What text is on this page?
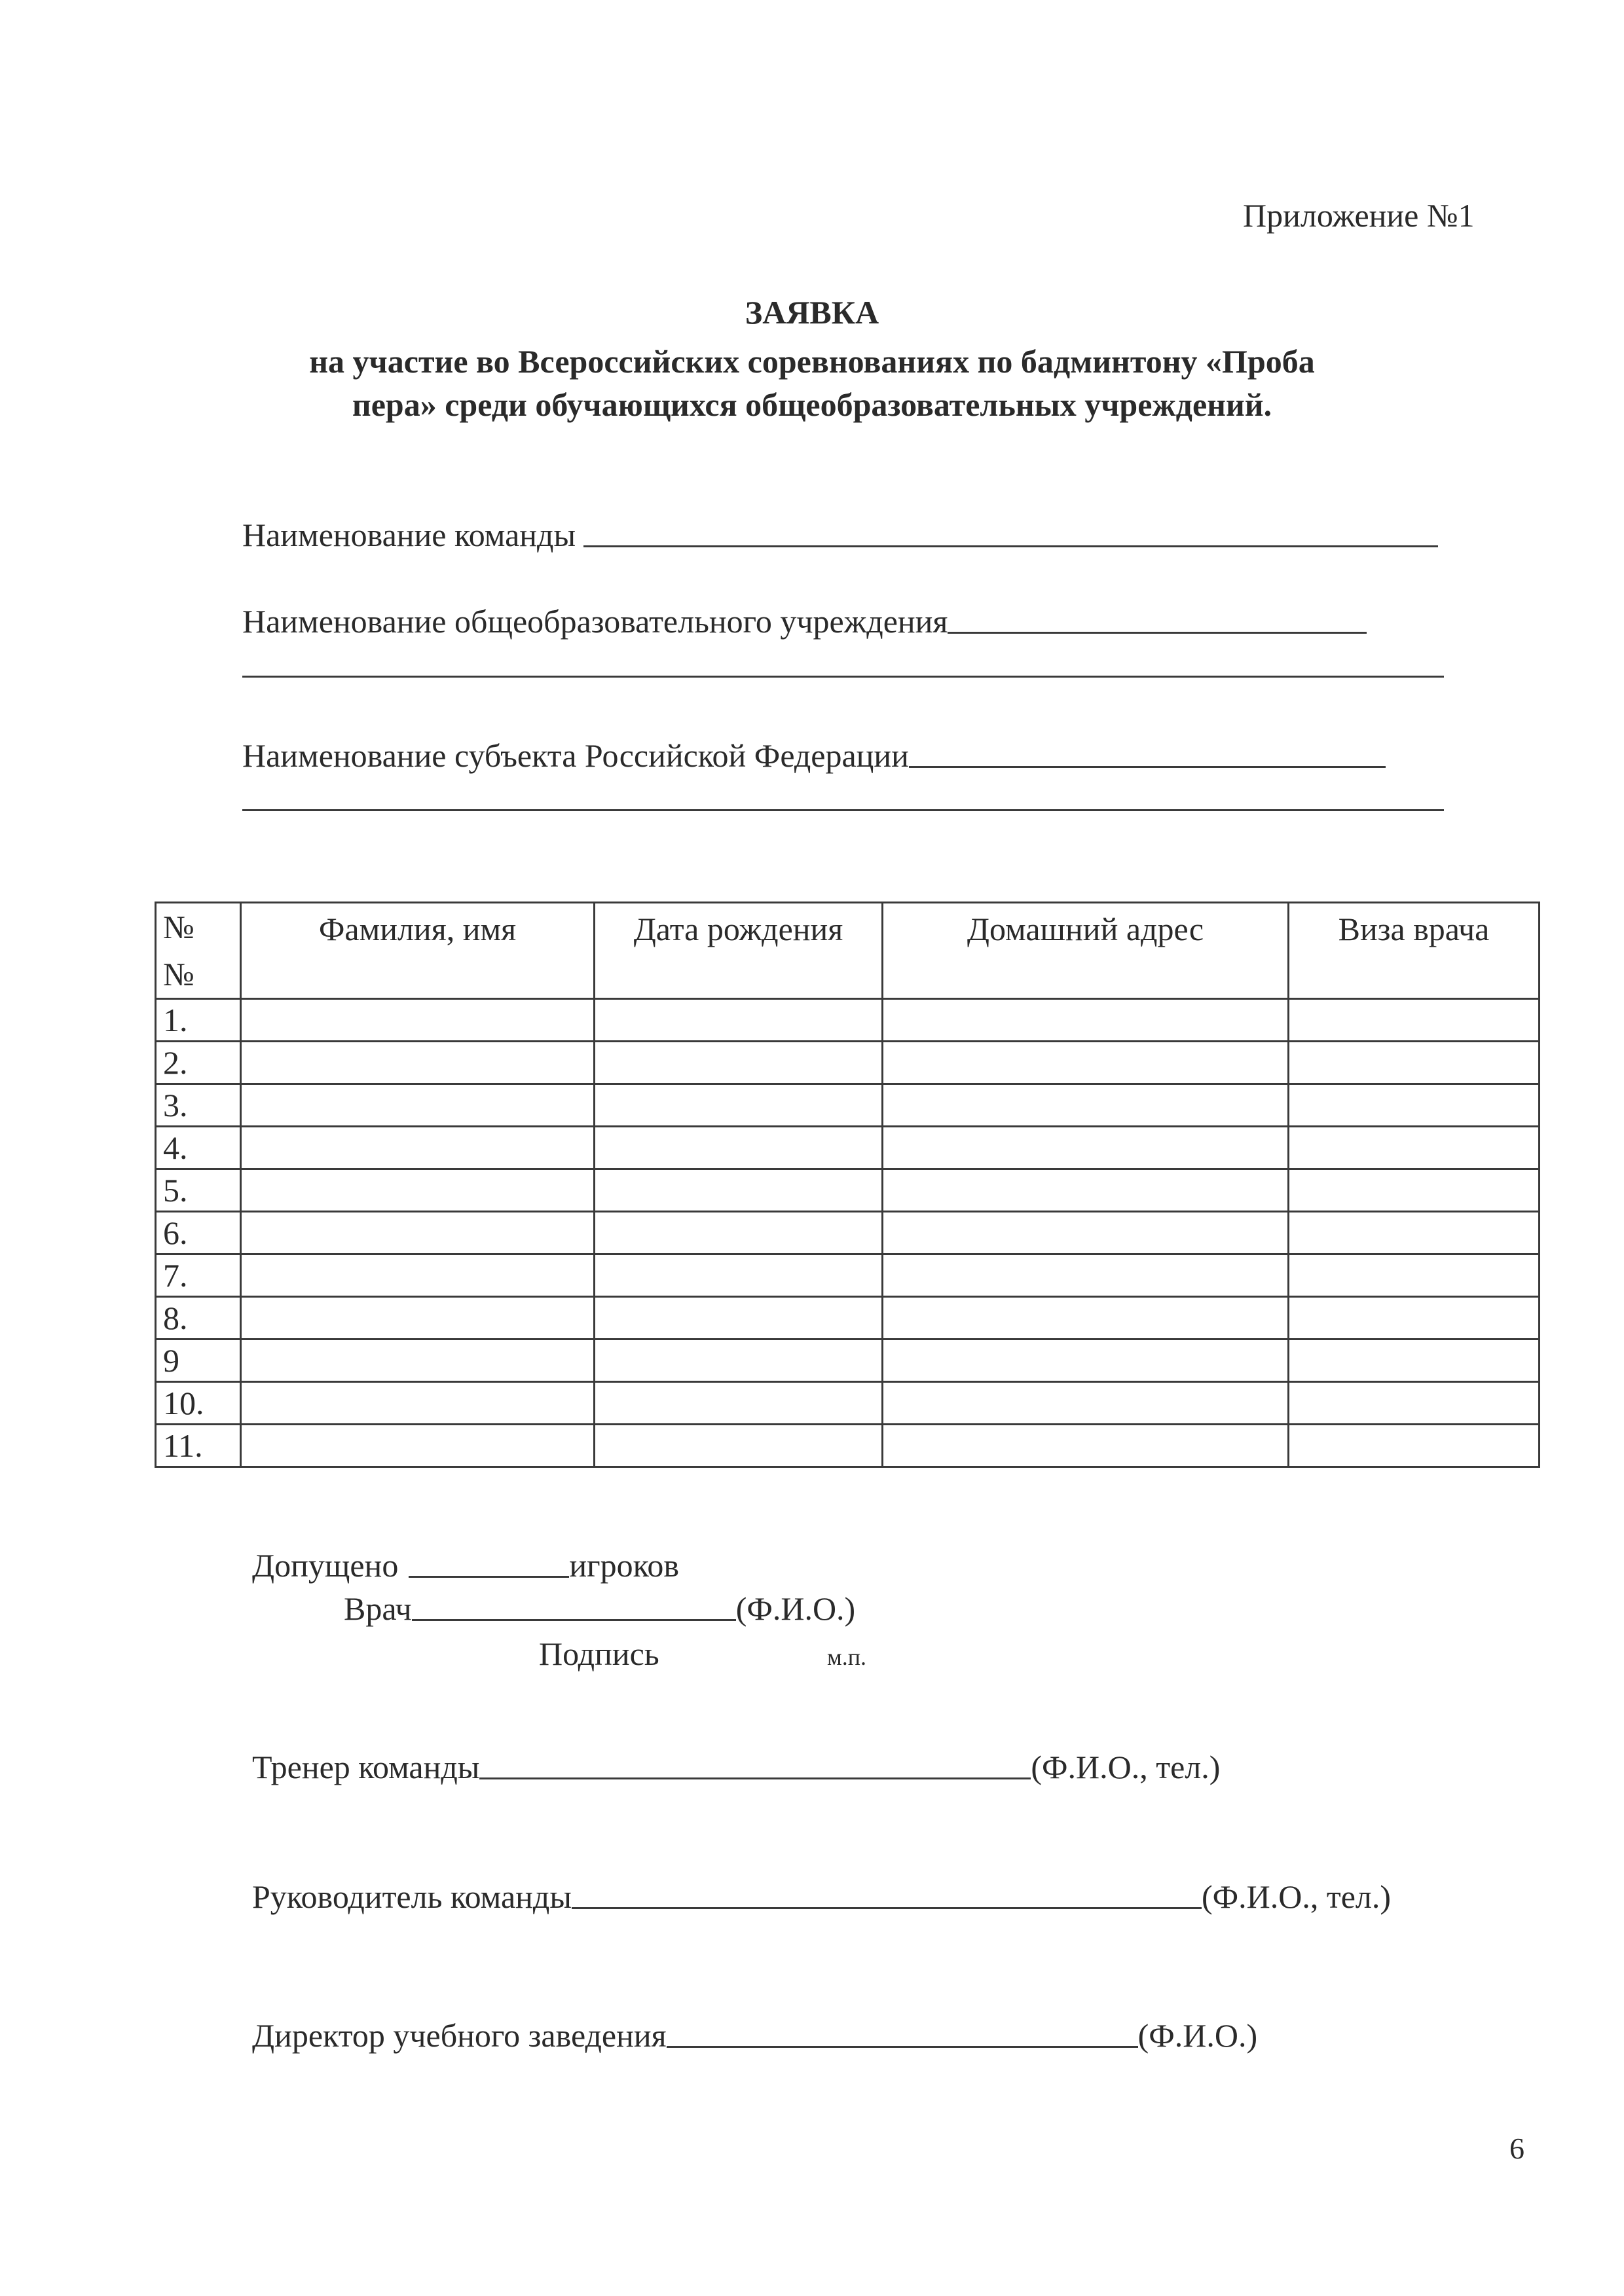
Приложение №1
ЗАЯВКА
на участие во Всероссийских соревнованиях по бадминтону «Проба
пера» среди обучающихся общеобразовательных учреждений.
Наименование команды
Наименование общеобразовательного учреждения
Наименование субъекта Российской Федерации
№ №	Фамилия, имя	Дата рождения	Домашний адрес	Виза врача
1.				
2.				
3.				
4.				
5.				
6.				
7.				
8.				
9				
10.				
11.				
Допущено	игроков
Врач	(Ф.И.О.)
Подпись	м.п.
Тренер команды	(Ф.И.О., тел.)
Руководитель команды	(Ф.И.О., тел.)
Директор учебного заведения	(Ф.И.О.)
6
